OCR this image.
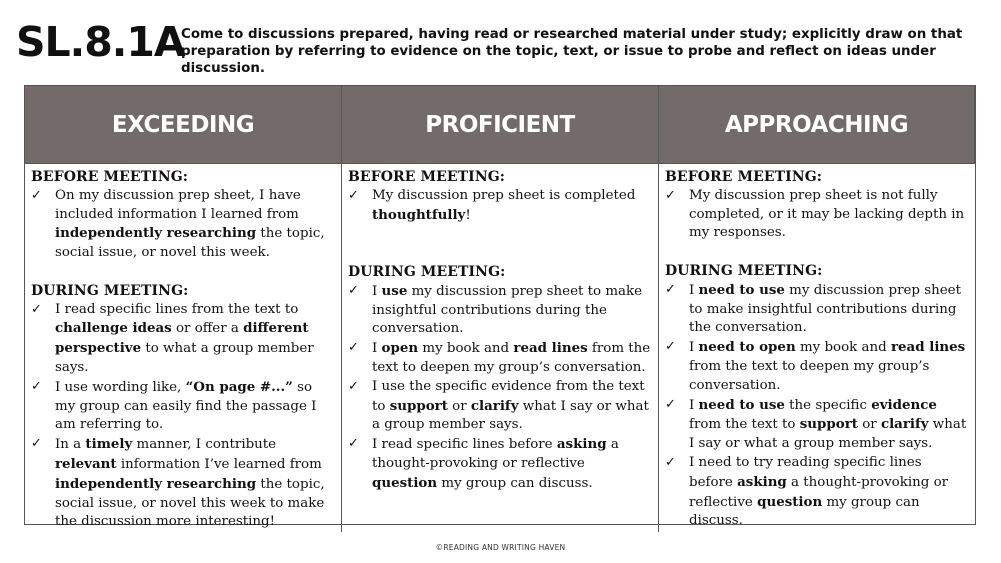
SL.8.1A
Come to discussions prepared, having read or researched material under study; explicitly draw on that preparation by referring to evidence on the topic, text, or issue to probe and reflect on ideas under discussion.
EXCEEDING	PROFICIENT	APPROACHING
BEFORE MEETING:
✓ On my discussion prep sheet, I have included information I learned from independently researching the topic, social issue, or novel this week.
DURING MEETING:
✓ I read specific lines from the text to challenge ideas or offer a different perspective to what a group member says.
✓ I use wording like, “On page #...” so my group can easily find the passage I am referring to.
✓ In a timely manner, I contribute relevant information I’ve learned from independently researching the topic, social issue, or novel this week to make the discussion more interesting!
BEFORE MEETING:
✓ My discussion prep sheet is completed thoughtfully!
DURING MEETING:
✓ I use my discussion prep sheet to make insightful contributions during the conversation.
✓ I open my book and read lines from the text to deepen my group’s conversation.
✓ I use the specific evidence from the text to support or clarify what I say or what a group member says.
✓ I read specific lines before asking a thought-provoking or reflective question my group can discuss.
BEFORE MEETING:
✓ My discussion prep sheet is not fully completed, or it may be lacking depth in my responses.
DURING MEETING:
✓ I need to use my discussion prep sheet to make insightful contributions during the conversation.
✓ I need to open my book and read lines from the text to deepen my group’s conversation.
✓ I need to use the specific evidence from the text to support or clarify what I say or what a group member says.
✓ I need to try reading specific lines before asking a thought-provoking or reflective question my group can discuss.
©READING AND WRITING HAVEN
